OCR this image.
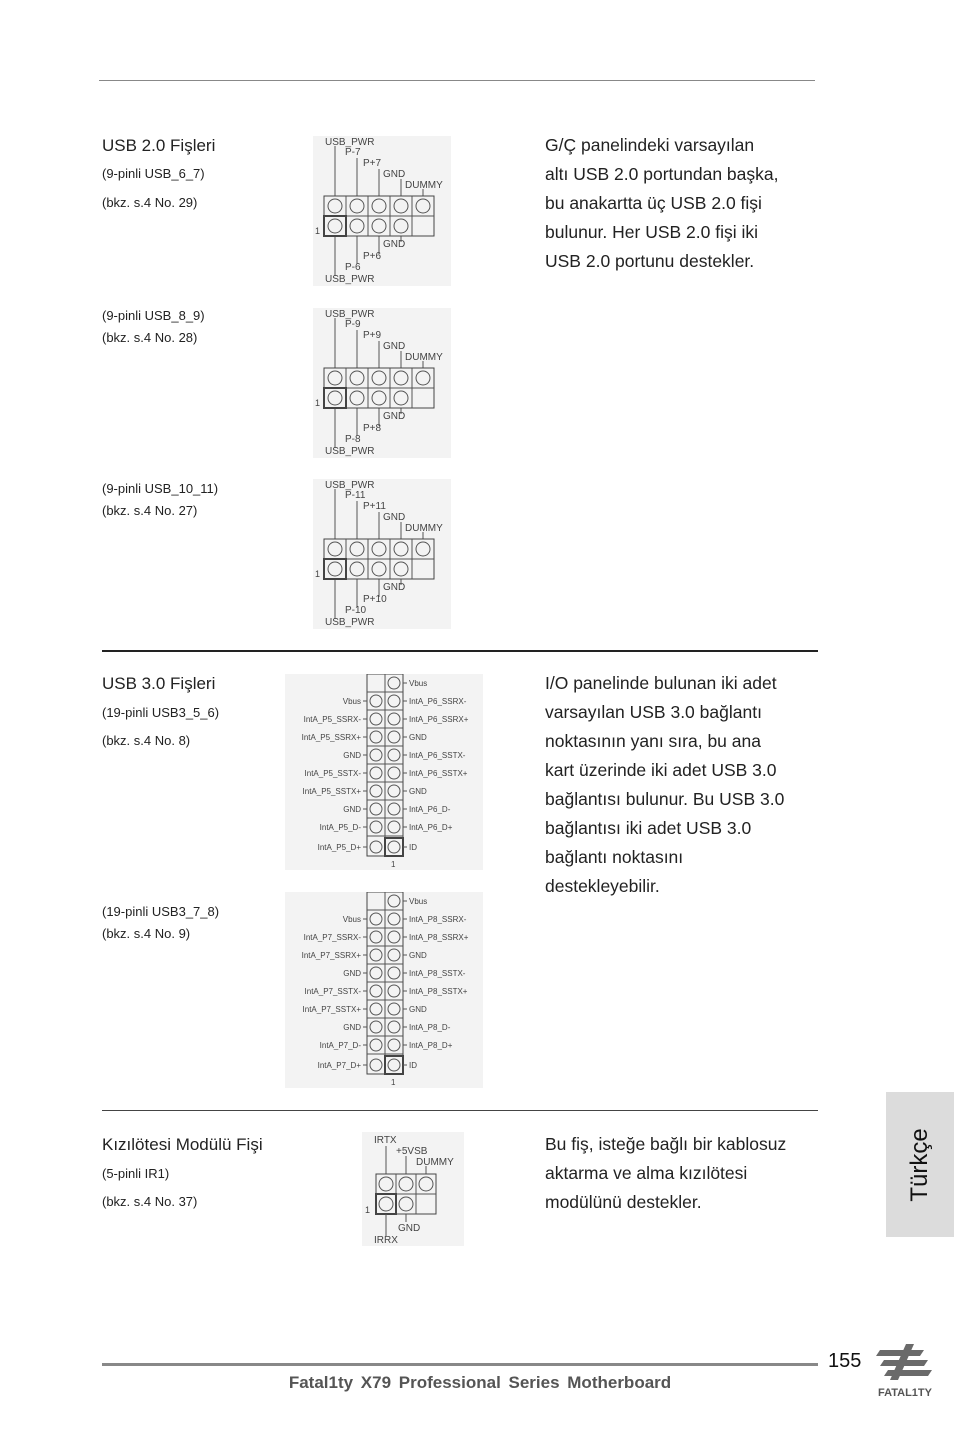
USB 2.0 Fişleri
(9-pinli USB_6_7)
(bkz. s.4 No. 29)
(9-pinli USB_8_9)
(bkz. s.4 No. 28)
(9-pinli USB_10_11)
(bkz. s.4 No. 27)
G/Ç panelindeki varsayılan
altı USB 2.0 portundan başka,
bu anakartta üç USB 2.0 fişi
bulunur. Her USB 2.0 fişi iki
USB 2.0 portunu destekler.
USB_PWR
P-7
P+7
GND
DUMMY
1
GND
P+6
P-6
USB_PWR
USB_PWR
P-9
P+9
GND
DUMMY
1
GND
P+8
P-8
USB_PWR
USB_PWR
P-11
P+11
GND
DUMMY
1
GND
P+10
P-10
USB_PWR
USB 3.0 Fişleri
(19-pinli USB3_5_6)
(bkz. s.4 No. 8)
(19-pinli USB3_7_8)
(bkz. s.4 No. 9)
I/O panelinde bulunan iki adet
varsayılan USB 3.0 bağlantı
noktasının yanı sıra, bu ana
kart üzerinde iki adet USB 3.0
bağlantısı bulunur. Bu USB 3.0
bağlantısı iki adet USB 3.0
bağlantı noktasını
destekleyebilir.
Vbus
IntA_P6_SSRX-
IntA_P6_SSRX+
GND
IntA_P6_SSTX-
IntA_P6_SSTX+
GND
IntA_P6_D-
IntA_P6_D+
ID
Vbus
IntA_P5_SSRX-
IntA_P5_SSRX+
GND
IntA_P5_SSTX-
IntA_P5_SSTX+
GND
IntA_P5_D-
IntA_P5_D+
1
Vbus
IntA_P8_SSRX-
IntA_P8_SSRX+
GND
IntA_P8_SSTX-
IntA_P8_SSTX+
GND
IntA_P8_D-
IntA_P8_D+
ID
Vbus
IntA_P7_SSRX-
IntA_P7_SSRX+
GND
IntA_P7_SSTX-
IntA_P7_SSTX+
GND
IntA_P7_D-
IntA_P7_D+
1
Kızılötesi Modülü Fişi
(5-pinli IR1)
(bkz. s.4 No. 37)
Bu fiş, isteğe bağlı bir kablosuz
aktarma ve alma kızılötesi
modülünü destekler.
IRTX
+5VSB
DUMMY
1
GND
IRRX
Türkçe
155
Fatal1ty X79 Professional Series Motherboard
FATAL1TY
